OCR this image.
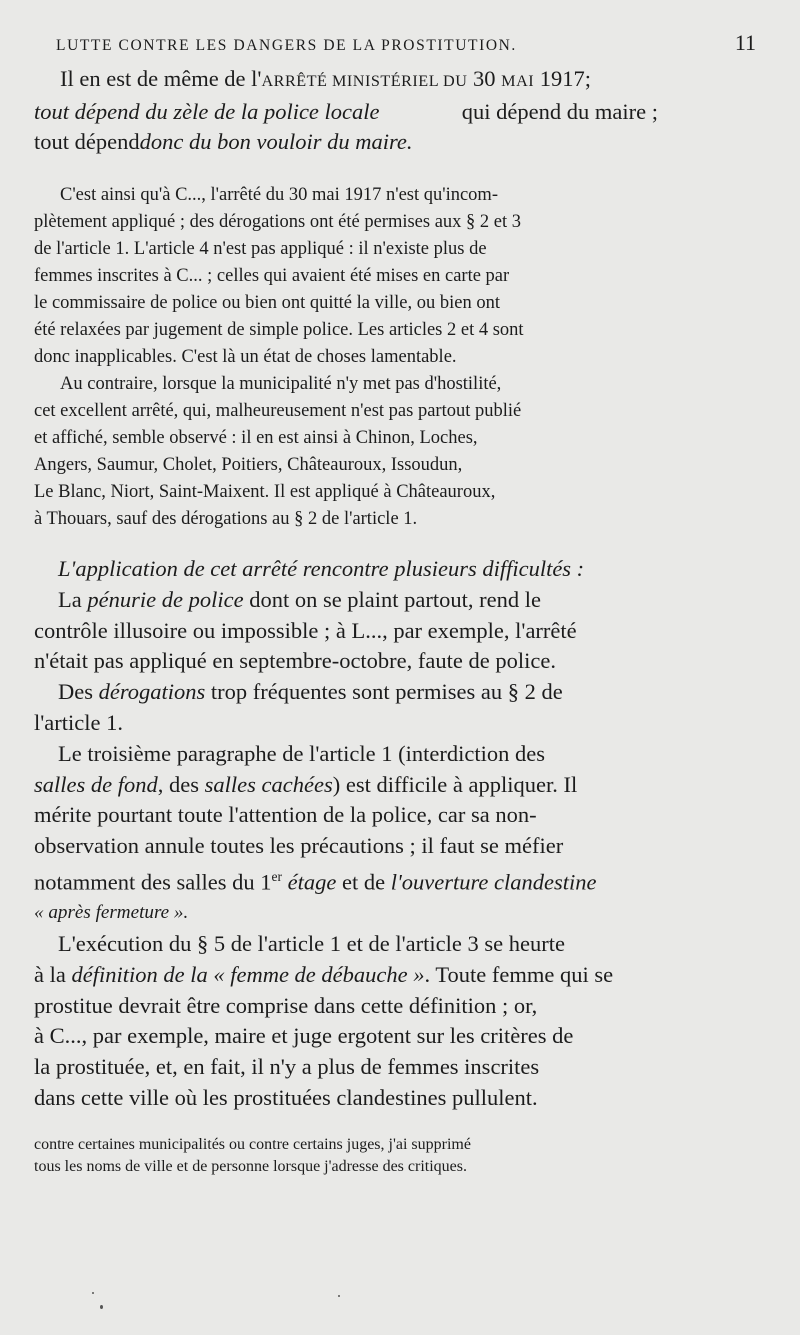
LUTTE CONTRE LES DANGERS DE LA PROSTITUTION.	11
Il en est de même de l'ARRÊTÉ MINISTÉRIEL DU 30 MAI 1917;
tout dépend du zèle de la police locale	qui dépend du maire ;
tout dépend donc du bon vouloir du maire.
C'est ainsi qu'à C..., l'arrêté du 30 mai 1917 n'est qu'incom-
plètement appliqué ; des dérogations ont été permises aux § 2 et 3
de l'article 1. L'article 4 n'est pas appliqué : il n'existe plus de
femmes inscrites à C... ; celles qui avaient été mises en carte par
le commissaire de police ou bien ont quitté la ville, ou bien ont
été relaxées par jugement de simple police. Les articles 2 et 4 sont
donc inapplicables. C'est là un état de choses lamentable.
Au contraire, lorsque la municipalité n'y met pas d'hostilité,
cet excellent arrêté, qui, malheureusement n'est pas partout publié
et affiché, semble observé : il en est ainsi à Chinon, Loches,
Angers, Saumur, Cholet, Poitiers, Châteauroux, Issoudun,
Le Blanc, Niort, Saint-Maixent. Il est appliqué à Châteauroux,
à Thouars, sauf des dérogations au § 2 de l'article 1.
L'application de cet arrêté rencontre plusieurs difficultés :
La pénurie de police dont on se plaint partout, rend le
contrôle illusoire ou impossible ; à L..., par exemple, l'arrêté
n'était pas appliqué en septembre-octobre, faute de police.
Des dérogations trop fréquentes sont permises au § 2 de
l'article 1.
Le troisième paragraphe de l'article 1 (interdiction des
salles de fond, des salles cachées) est difficile à appliquer. Il
mérite pourtant toute l'attention de la police, car sa non-
observation annule toutes les précautions ; il faut se méfier
notamment des salles du 1er étage et de l'ouverture clandestine
« après fermeture ».
L'exécution du § 5 de l'article 1 et de l'article 3 se heurte
à la définition de la « femme de débauche ». Toute femme qui se
prostitue devrait être comprise dans cette définition ; or,
à C..., par exemple, maire et juge ergotent sur les critères de
la prostituée, et, en fait, il n'y a plus de femmes inscrites
dans cette ville où les prostituées clandestines pullulent.
contre certaines municipalités ou contre certains juges, j'ai supprimé
tous les noms de ville et de personne lorsque j'adresse des critiques.
